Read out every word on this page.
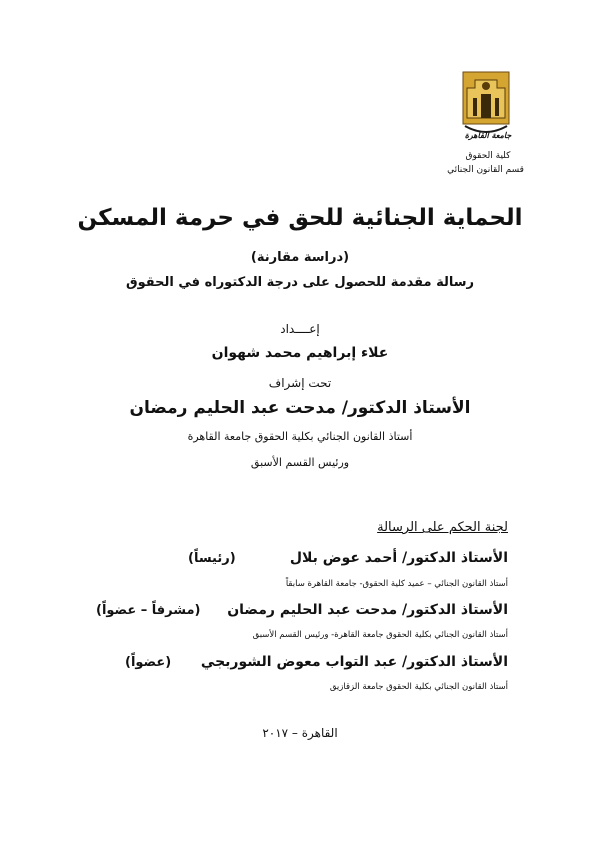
جامعة القاهرة
كلية الحقوق
قسم القانون الجنائي
الحماية الجنائية للحق في حرمة المسكن
(دراسة مقارنة)
رسالة مقدمة للحصول على درجة الدكتوراه في الحقوق
إعــــداد
علاء إبراهيم محمد شهوان
تحت إشراف
الأستاذ الدكتور/ مدحت عبد الحليم رمضان
أستاذ القانون الجنائي بكلية الحقوق جامعة القاهرة
ورئيس القسم الأسبق
لجنة الحكم على الرسالة
الأستاذ الدكتور/ أحمد عوض بلال
(رئيساً)
أستاذ القانون الجنائي – عميد كلية الحقوق- جامعة القاهرة سابقاً
الأستاذ الدكتور/ مدحت عبد الحليم رمضان
(مشرفاً – عضواً)
أستاذ القانون الجنائي بكلية الحقوق جامعة القاهرة- ورئيس القسم الأسبق
الأستاذ الدكتور/ عبد التواب معوض الشوربجي
(عضواً)
أستاذ القانون الجنائي بكلية الحقوق جامعة الزقازيق
القاهرة – ٢٠١٧
